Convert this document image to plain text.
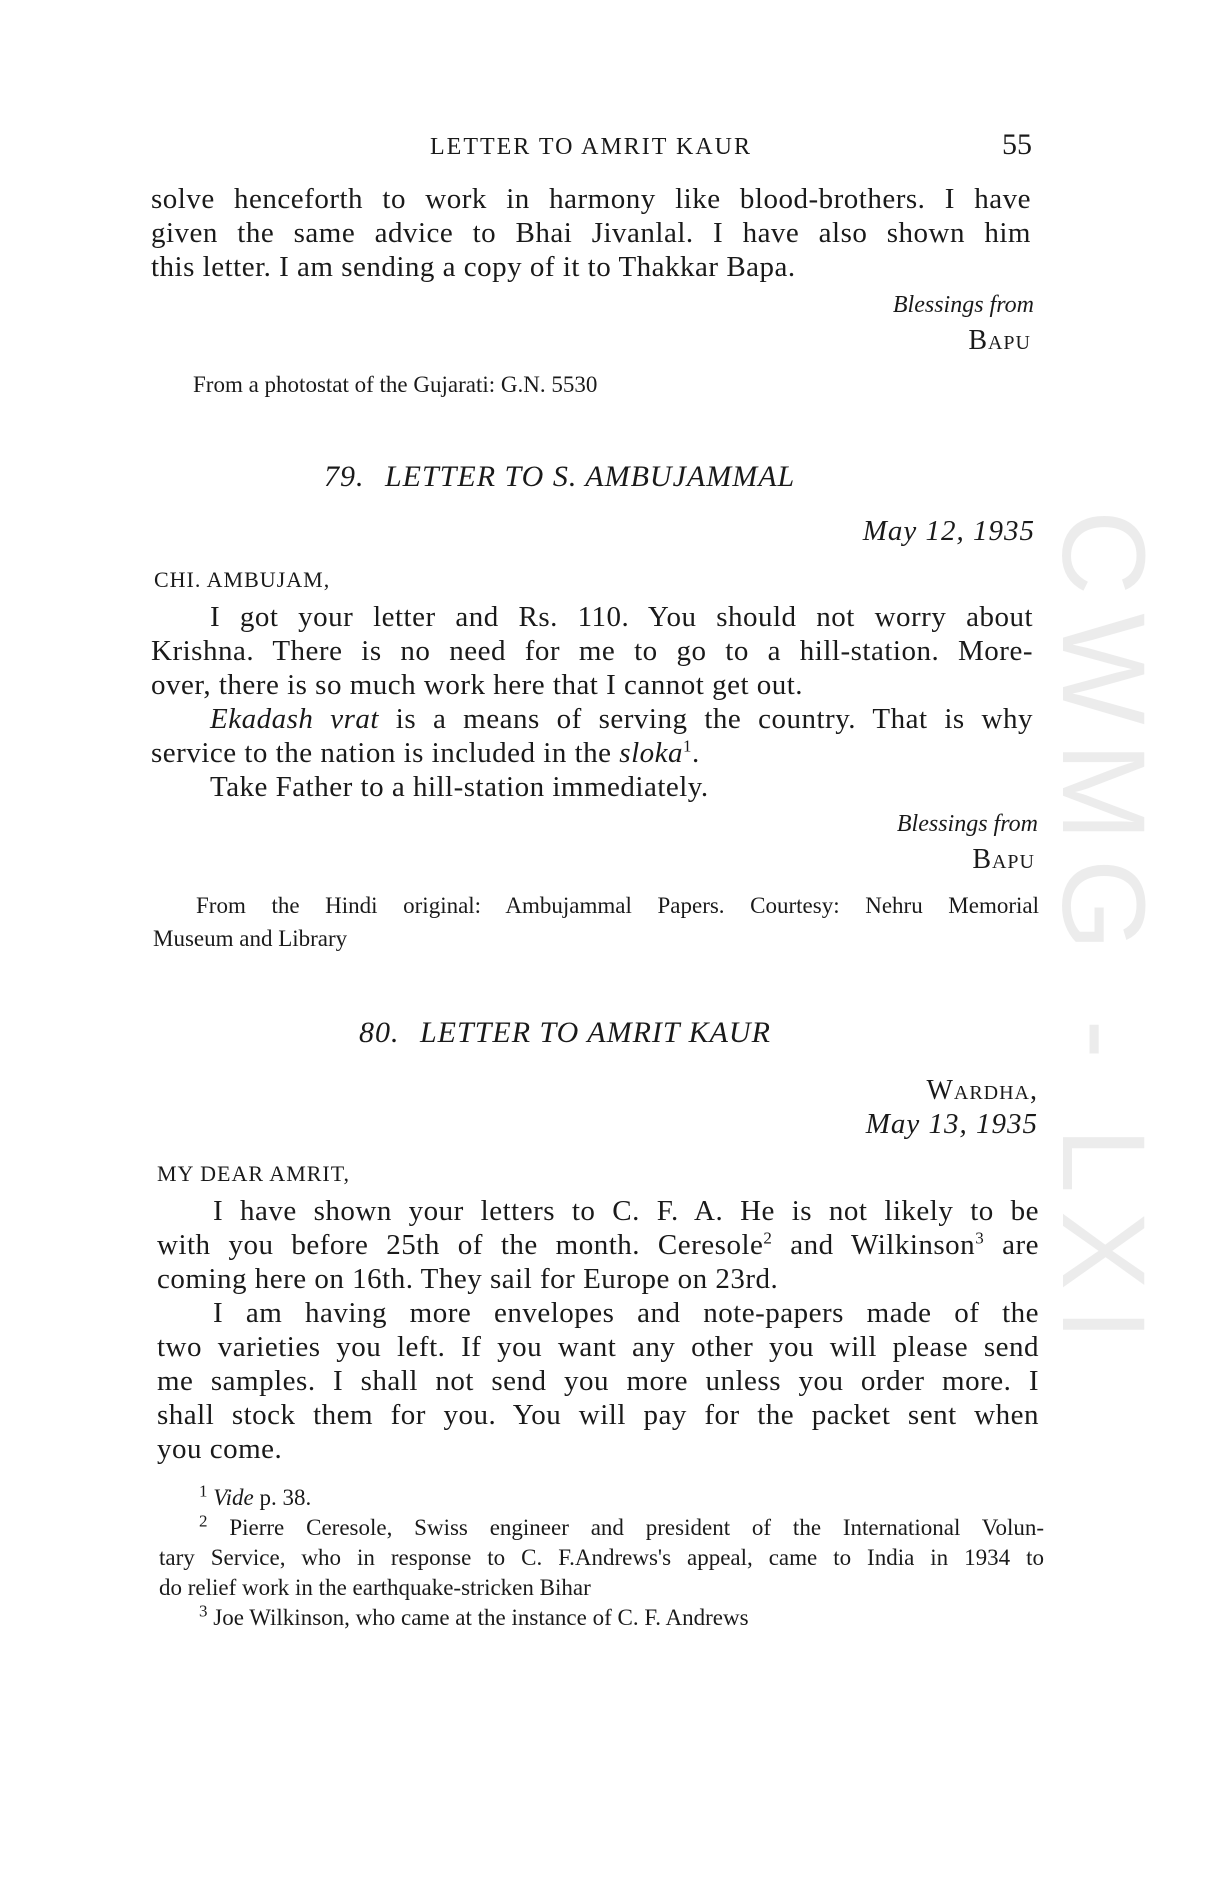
CWMG - LXI
LETTER TO AMRIT KAUR	55
solve henceforth to work in harmony like blood-brothers. I have
given the same advice to Bhai Jivanlal. I have also shown him
this letter. I am sending a copy of it to Thakkar Bapa.
Blessings from
Bapu
From a photostat of the Gujarati: G.N. 5530
79. LETTER TO S. AMBUJAMMAL
May 12, 1935
CHI. AMBUJAM,
I got your letter and Rs. 110. You should not worry about
Krishna. There is no need for me to go to a hill-station. More-
over, there is so much work here that I cannot get out.
Ekadash vrat is a means of serving the country. That is why
service to the nation is included in the sloka$^1$.
Take Father to a hill-station immediately.
Blessings from
Bapu
From the Hindi original: Ambujammal Papers. Courtesy: Nehru Memorial
Museum and Library
80. LETTER TO AMRIT KAUR
Wardha,
May 13, 1935
MY DEAR AMRIT,
I have shown your letters to C. F. A. He is not likely to be
with you before 25th of the month. Ceresole$^2$ and Wilkinson$^3$ are
coming here on 16th. They sail for Europe on 23rd.
I am having more envelopes and note-papers made of the
two varieties you left. If you want any other you will please send
me samples. I shall not send you more unless you order more. I
shall stock them for you. You will pay for the packet sent when
you come.
$^1$ Vide p. 38.
$^2$ Pierre Ceresole, Swiss engineer and president of the International Volun-
tary Service, who in response to C. F.Andrews's appeal, came to India in 1934 to
do relief work in the earthquake-stricken Bihar
$^3$ Joe Wilkinson, who came at the instance of C. F. Andrews
